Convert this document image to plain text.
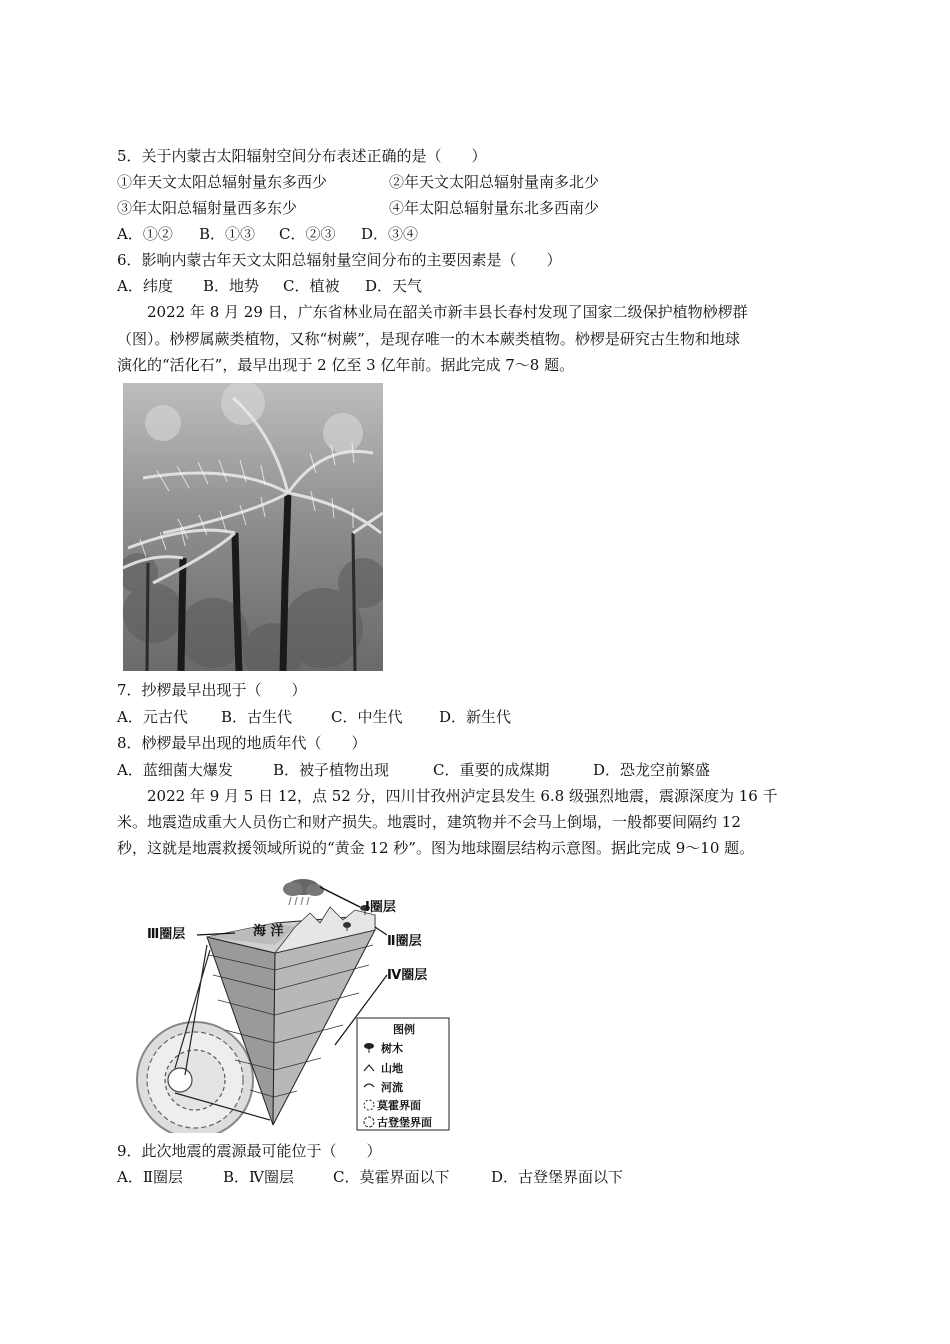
5．关于内蒙古太阳辐射空间分布表述正确的是（　　）
①年天文太阳总辐射量东多西少	②年天文太阳总辐射量南多北少
③年太阳总辐射量西多东少	④年太阳总辐射量东北多西南少
A．①② B．①③ C．②③ D．③④
6．影响内蒙古年天文太阳总辐射量空间分布的主要因素是（　　）
A．纬度 B．地势 C．植被 D．天气
2022 年 8 月 29 日，广东省林业局在韶关市新丰县长春村发现了国家二级保护植物桫椤群
（图）。桫椤属蕨类植物，又称“树蕨”，是现存唯一的木本蕨类植物。桫椤是研究古生物和地球
演化的“活化石”，最早出现于 2 亿至 3 亿年前。据此完成 7～8 题。
7．抄椤最早出现于（　　）
A．元古代 B．古生代	C．中生代 D．新生代
8．桫椤最早出现的地质年代（　　）
A．蓝细菌大爆发	B．被子植物出现	C．重要的成煤期	D．恐龙空前繁盛
2022 年 9 月 5 日 12，点 52 分，四川甘孜州泸定县发生 6.8 级强烈地震，震源深度为 16 千
米。地震造成重大人员伤亡和财产损失。地震时，建筑物并不会马上倒塌，一般都要间隔约 12
秒，这就是地震救援领域所说的“黄金 12 秒”。图为地球圈层结构示意图。据此完成 9～10 题。
海 洋
Ⅰ圈层
Ⅱ圈层
Ⅲ圈层
Ⅳ圈层
图例
树木
山地
河流
莫霍界面
古登堡界面
9．此次地震的震源最可能位于（　　）
A．Ⅱ圈层	B．Ⅳ圈层	C．莫霍界面以下	D．古登堡界面以下
